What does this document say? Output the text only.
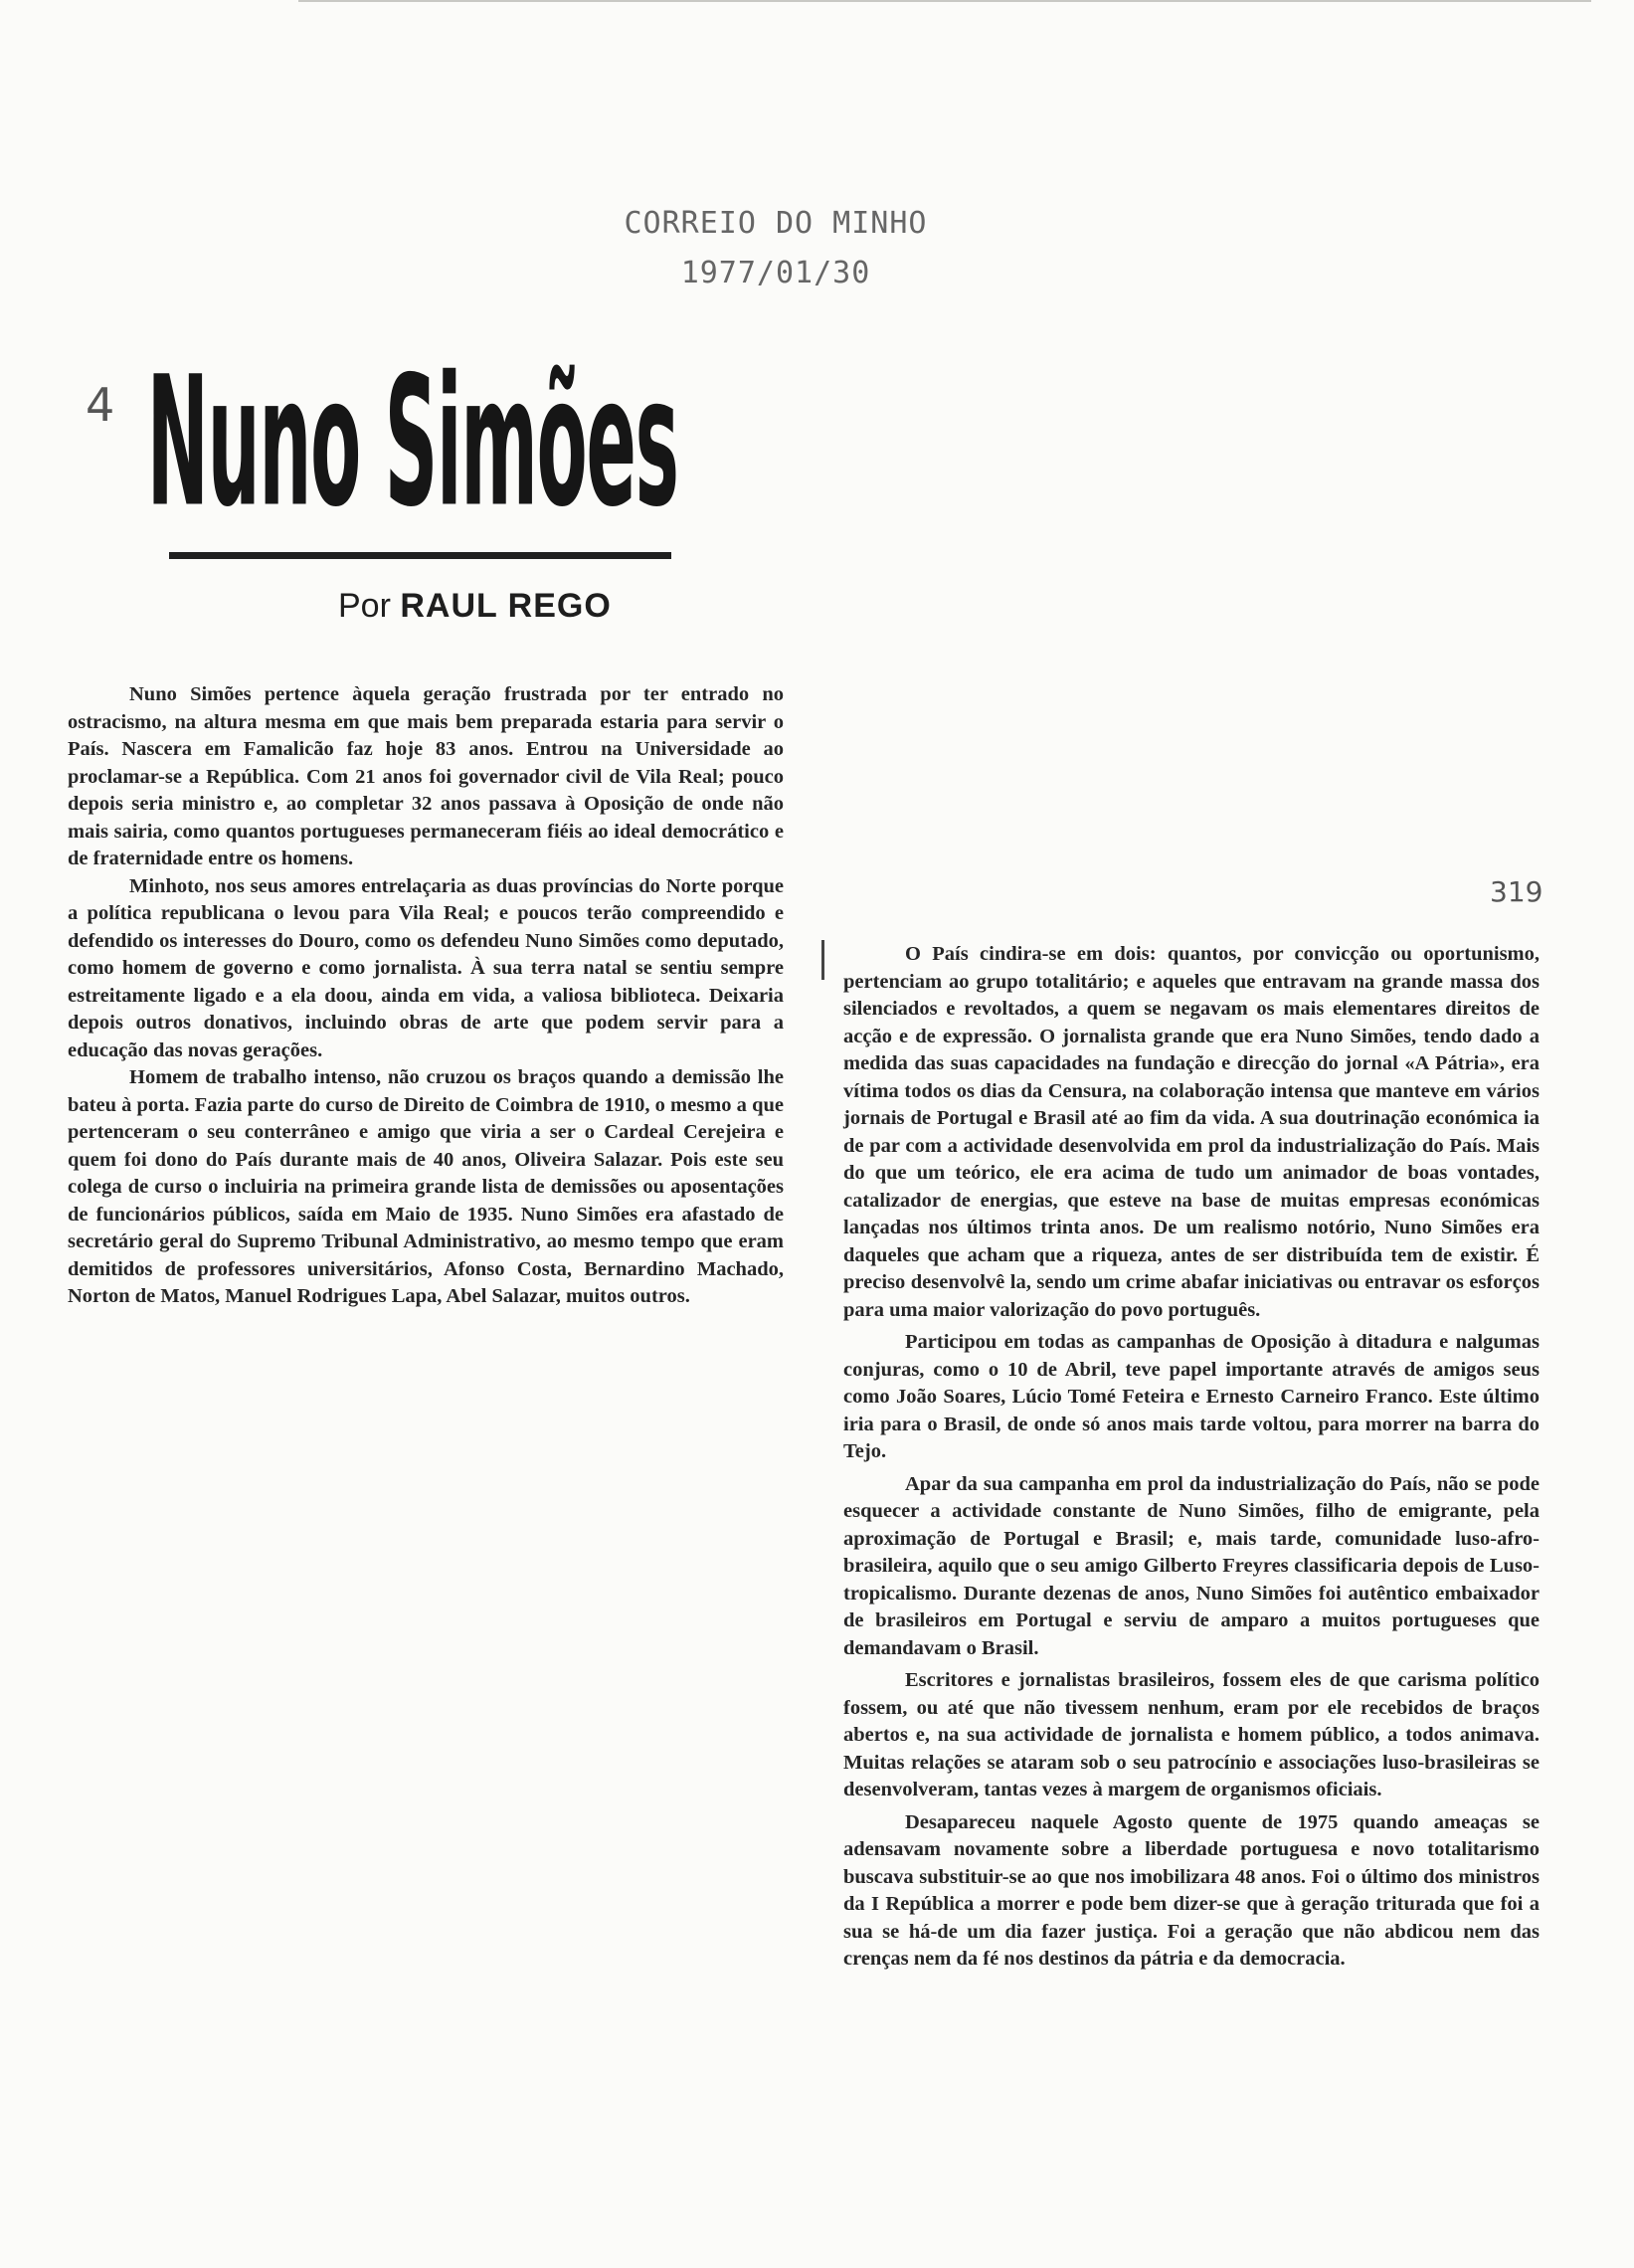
CORREIO DO MINHO
1977/01/30
4
319
Nuno Simões
Por RAUL REGO

Nuno Simões pertence àquela geração frustrada por ter entrado no ostracismo, na altura mesma em que mais bem preparada estaria para servir o País. Nascera em Famalicão faz hoje 83 anos. Entrou na Universidade ao proclamar-se a República. Com 21 anos foi governador civil de Vila Real; pouco depois seria ministro e, ao completar 32 anos passava à Oposição de onde não mais sairia, como quantos portugueses permaneceram fiéis ao ideal democrático e de fraternidade entre os homens.

Minhoto, nos seus amores entrelaçaria as duas províncias do Norte porque a política republicana o levou para Vila Real; e poucos terão compreendido e defendido os interesses do Douro, como os defendeu Nuno Simões como deputado, como homem de governo e como jornalista. À sua terra natal se sentiu sempre estreitamente ligado e a ela doou, ainda em vida, a valiosa biblioteca. Deixaria depois outros donativos, incluindo obras de arte que podem servir para a educação das novas gerações.

Homem de trabalho intenso, não cruzou os braços quando a demissão lhe bateu à porta. Fazia parte do curso de Direito de Coimbra de 1910, o mesmo a que pertenceram o seu conterrâneo e amigo que viria a ser o Cardeal Cerejeira e quem foi dono do País durante mais de 40 anos, Oliveira Salazar. Pois este seu colega de curso o incluiria na primeira grande lista de demissões ou aposentações de funcionários públicos, saída em Maio de 1935. Nuno Simões era afastado de secretário geral do Supremo Tribunal Administrativo, ao mesmo tempo que eram demitidos de professores universitários, Afonso Costa, Bernardino Machado, Norton de Matos, Manuel Rodrigues Lapa, Abel Salazar, muitos outros.

O País cindira-se em dois: quantos, por convicção ou oportunismo, pertenciam ao grupo totalitário; e aqueles que entravam na grande massa dos silenciados e revoltados, a quem se negavam os mais elementares direitos de acção e de expressão. O jornalista grande que era Nuno Simões, tendo dado a medida das suas capacidades na fundação e direcção do jornal «A Pátria», era vítima todos os dias da Censura, na colaboração intensa que manteve em vários jornais de Portugal e Brasil até ao fim da vida. A sua doutrinação económica ia de par com a actividade desenvolvida em prol da industrialização do País. Mais do que um teórico, ele era acima de tudo um animador de boas vontades, catalizador de energias, que esteve na base de muitas empresas económicas lançadas nos últimos trinta anos. De um realismo notório, Nuno Simões era daqueles que acham que a riqueza, antes de ser distribuída tem de existir. É preciso desenvolvê la, sendo um crime abafar iniciativas ou entravar os esforços para uma maior valorização do povo português.

Participou em todas as campanhas de Oposição à ditadura e nalgumas conjuras, como o 10 de Abril, teve papel importante através de amigos seus como João Soares, Lúcio Tomé Feteira e Ernesto Carneiro Franco. Este último iria para o Brasil, de onde só anos mais tarde voltou, para morrer na barra do Tejo.

Apar da sua campanha em prol da industrialização do País, não se pode esquecer a actividade constante de Nuno Simões, filho de emigrante, pela aproximação de Portugal e Brasil; e, mais tarde, comunidade luso-afro-brasileira, aquilo que o seu amigo Gilberto Freyres classificaria depois de Luso-tropicalismo. Durante dezenas de anos, Nuno Simões foi autêntico embaixador de brasileiros em Portugal e serviu de amparo a muitos portugueses que demandavam o Brasil.

Escritores e jornalistas brasileiros, fossem eles de que carisma político fossem, ou até que não tivessem nenhum, eram por ele recebidos de braços abertos e, na sua actividade de jornalista e homem público, a todos animava. Muitas relações se ataram sob o seu patrocínio e associações luso-brasileiras se desenvolveram, tantas vezes à margem de organismos oficiais.

Desapareceu naquele Agosto quente de 1975 quando ameaças se adensavam novamente sobre a liberdade portuguesa e novo totalitarismo buscava substituir-se ao que nos imobilizara 48 anos. Foi o último dos ministros da I República a morrer e pode bem dizer-se que à geração triturada que foi a sua se há-de um dia fazer justiça. Foi a geração que não abdicou nem das crenças nem da fé nos destinos da pátria e da democracia.
